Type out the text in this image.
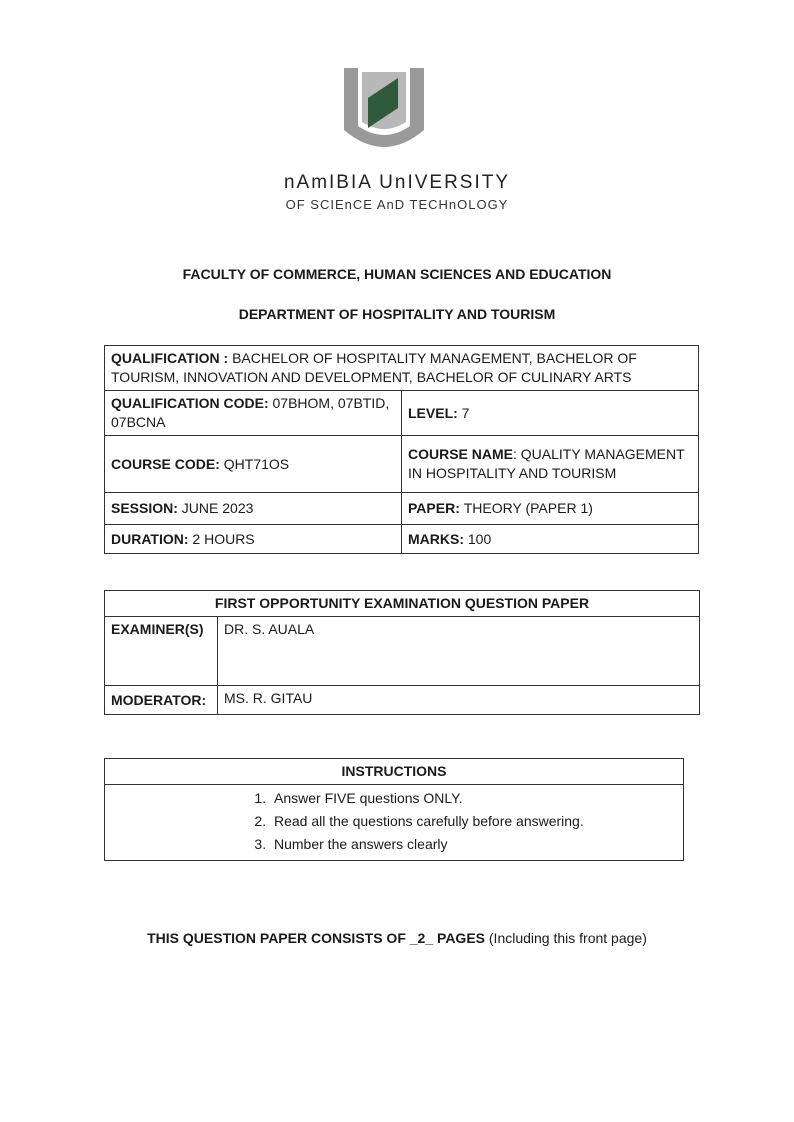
nAmIBIA UnIVERSITY
OF SCIEnCE AnD TECHnOLOGY
FACULTY OF COMMERCE, HUMAN SCIENCES AND EDUCATION
DEPARTMENT OF HOSPITALITY AND TOURISM
QUALIFICATION : BACHELOR OF HOSPITALITY MANAGEMENT, BACHELOR OF TOURISM, INNOVATION AND DEVELOPMENT, BACHELOR OF CULINARY ARTS	
QUALIFICATION CODE: 07BHOM, 07BTID, 07BCNA	LEVEL: 7
COURSE CODE: QHT71OS	COURSE NAME: QUALITY MANAGEMENT IN HOSPITALITY AND TOURISM
SESSION: JUNE 2023	PAPER: THEORY (PAPER 1)
DURATION: 2 HOURS	MARKS: 100
FIRST OPPORTUNITY EXAMINATION QUESTION PAPER	
EXAMINER(S)	DR. S. AUALA
MODERATOR:	MS. R. GITAU
INSTRUCTIONS

1. Answer FIVE questions ONLY.
2. Read all the questions carefully before answering.
3. Number the answers clearly
THIS QUESTION PAPER CONSISTS OF _2_ PAGES (Including this front page)
